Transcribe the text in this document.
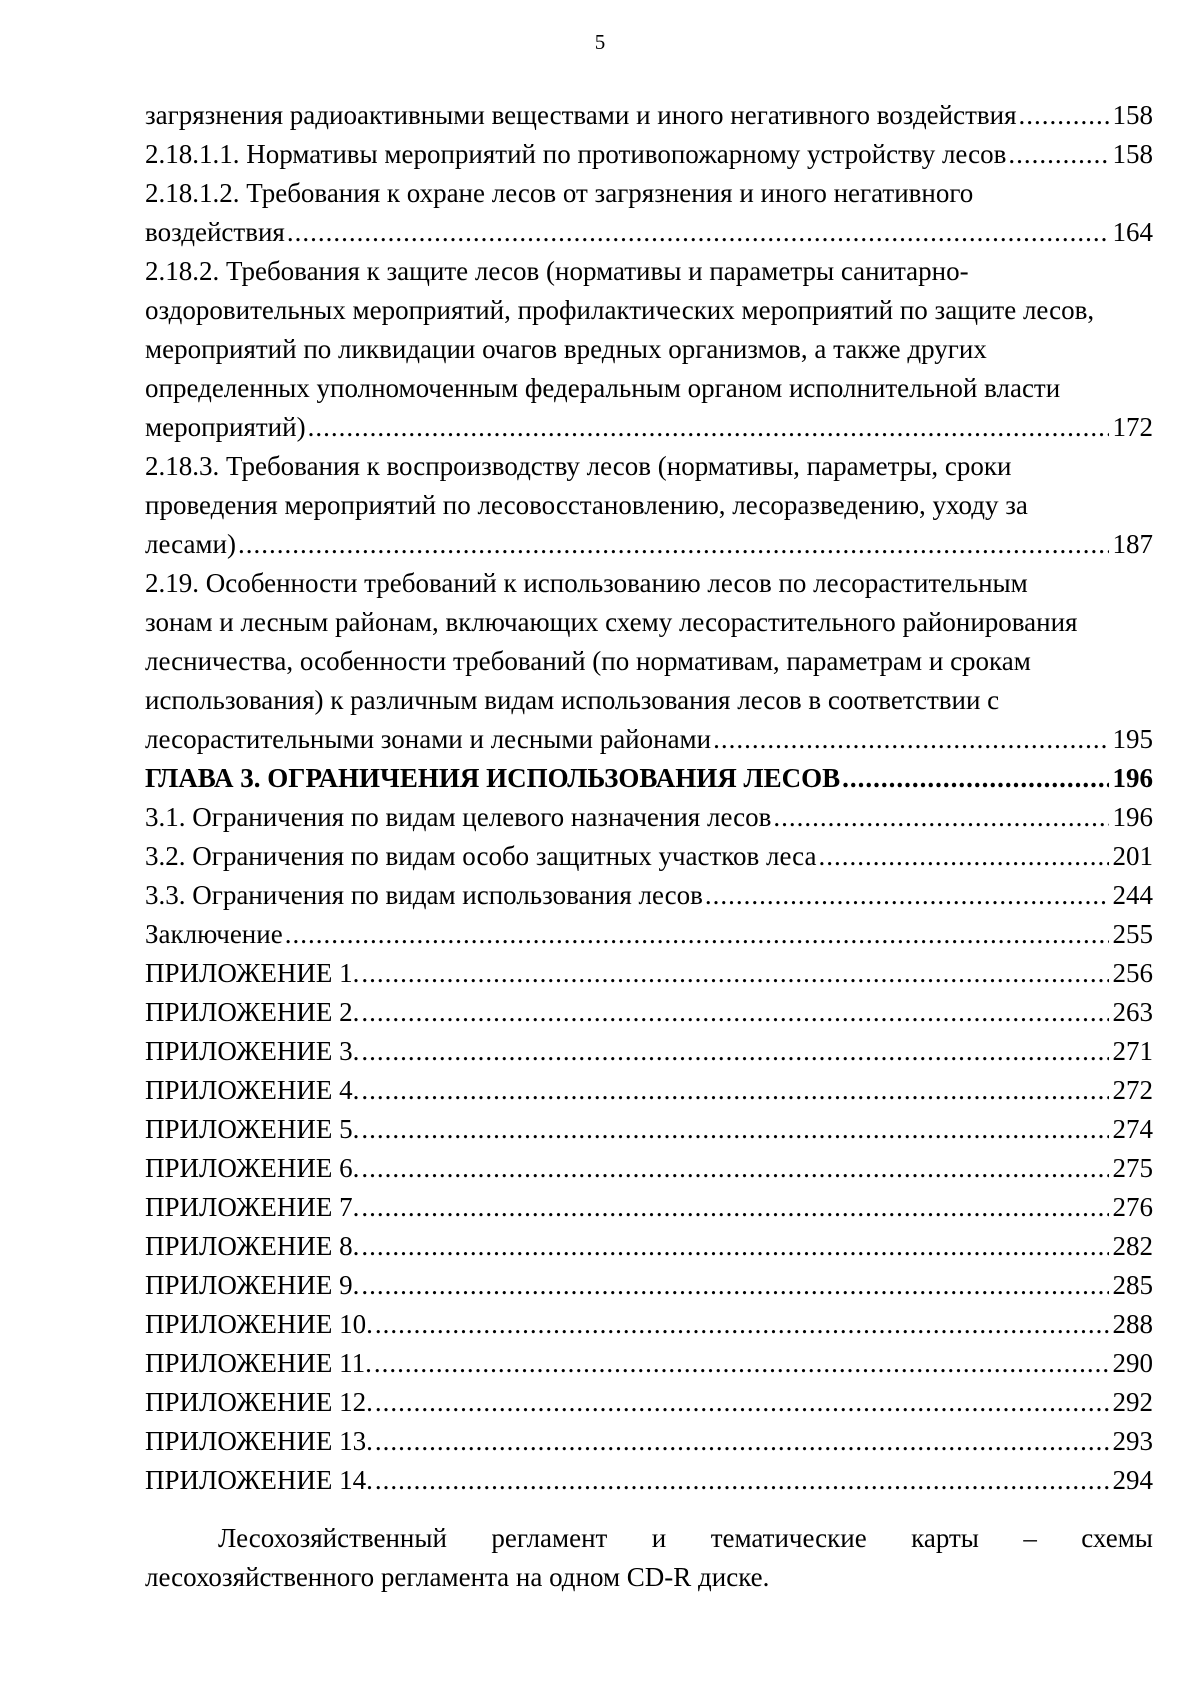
5
загрязнения радиоактивными веществами и иного негативного воздействия .....	158
2.18.1.1. Нормативы мероприятий по противопожарному устройству лесов .....	158
2.18.1.2. Требования к охране лесов от загрязнения и иного негативного
воздействия .....	164
2.18.2. Требования к защите лесов (нормативы и параметры санитарно-
оздоровительных мероприятий, профилактических мероприятий по защите лесов,
мероприятий по ликвидации очагов вредных организмов, а также других
определенных уполномоченным федеральным органом исполнительной власти
мероприятий) .....	172
2.18.3. Требования к воспроизводству лесов (нормативы, параметры, сроки
проведения мероприятий по лесовосстановлению, лесоразведению, уходу за
лесами) .....	187
2.19. Особенности требований к использованию лесов по лесорастительным
зонам и лесным районам, включающих схему лесорастительного районирования
лесничества, особенности требований (по нормативам, параметрам и срокам
использования) к различным видам использования лесов в соответствии с
лесорастительными зонами и лесными районами .....	195
ГЛАВА 3. ОГРАНИЧЕНИЯ ИСПОЛЬЗОВАНИЯ ЛЕСОВ .....	196
3.1. Ограничения по видам целевого назначения лесов .....	196
3.2. Ограничения по видам особо защитных участков леса .....	201
3.3. Ограничения по видам использования лесов .....	244
Заключение .....	255
ПРИЛОЖЕНИЕ 1. .....	256
ПРИЛОЖЕНИЕ 2. .....	263
ПРИЛОЖЕНИЕ 3. .....	271
ПРИЛОЖЕНИЕ 4. .....	272
ПРИЛОЖЕНИЕ 5. .....	274
ПРИЛОЖЕНИЕ 6. .....	275
ПРИЛОЖЕНИЕ 7. .....	276
ПРИЛОЖЕНИЕ 8. .....	282
ПРИЛОЖЕНИЕ 9. .....	285
ПРИЛОЖЕНИЕ 10. .....	288
ПРИЛОЖЕНИЕ 11. .....	290
ПРИЛОЖЕНИЕ 12. .....	292
ПРИЛОЖЕНИЕ 13. .....	293
ПРИЛОЖЕНИЕ 14. .....	294
Лесохозяйственный регламент и тематические карты – схемы
лесохозяйственного регламента на одном CD-R диске.
